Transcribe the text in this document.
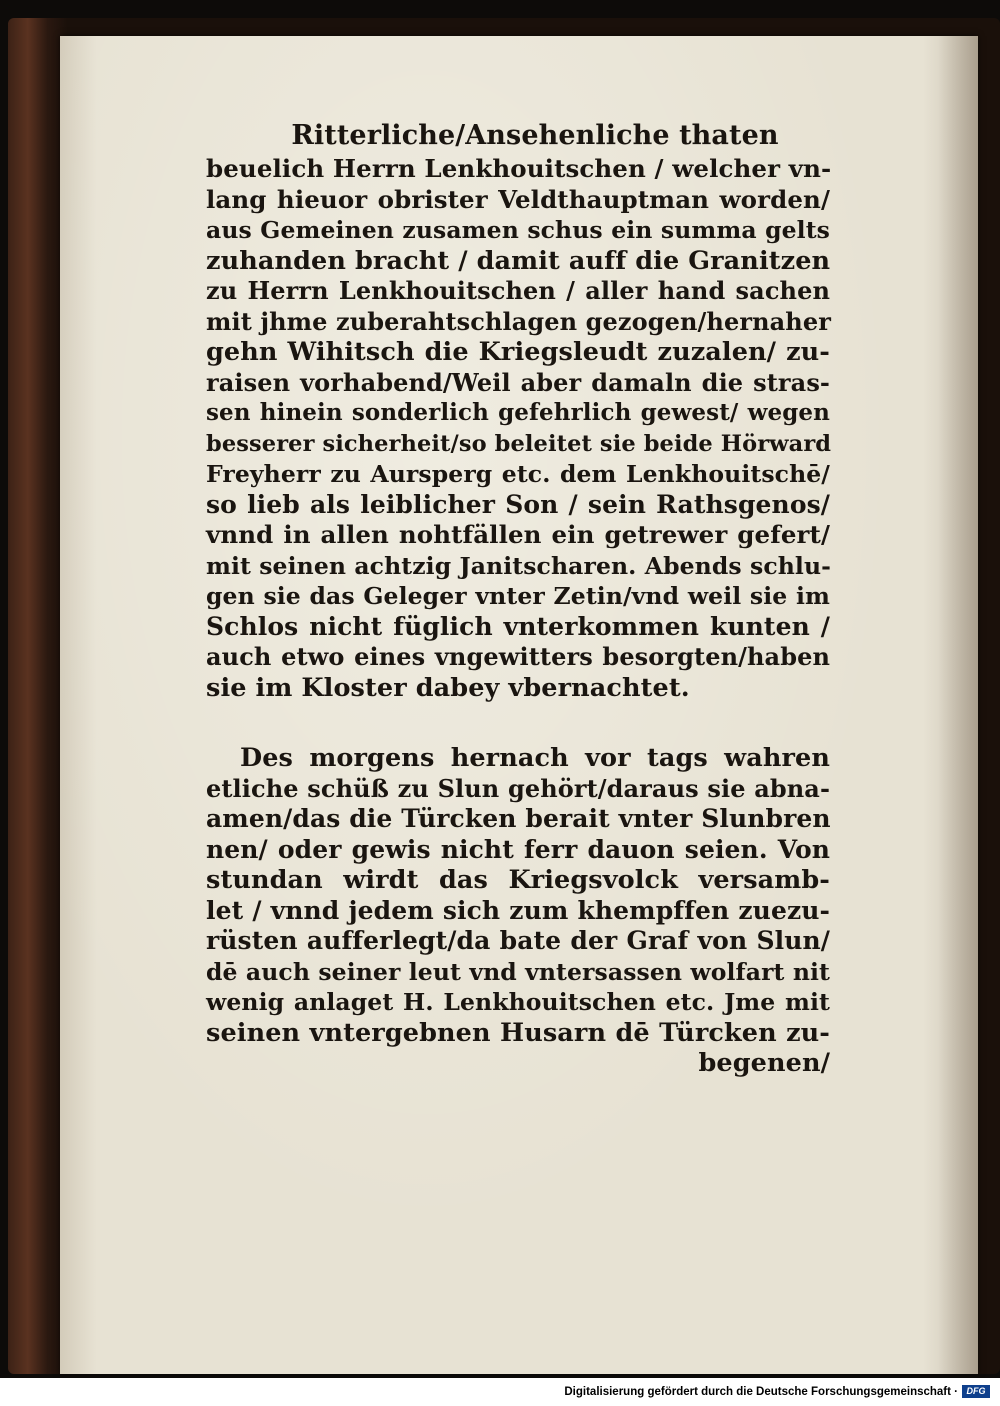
Ritterliche/Ansehenliche thaten
beuelich Herrn Lenkhouitschen / welcher vn-
lang hieuor obrister Veldthauptman worden/
aus Gemeinen zusamen schus ein summa gelts
zuhanden bracht / damit auff die Granitzen
zu Herrn Lenkhouitschen / aller hand sachen
mit jhme zuberahtschlagen gezogen/hernaher
gehn Wihitsch die Kriegsleudt zuzalen/ zu-
raisen vorhabend/Weil aber damaln die stras-
sen hinein sonderlich gefehrlich gewest/ wegen
besserer sicherheit/so beleitet sie beide Hörward
Freyherr zu Aursperg etc. dem Lenkhouitschē/
so lieb als leiblicher Son / sein Rathsgenos/
vnnd in allen nohtfällen ein getrewer gefert/
mit seinen achtzig Janitscharen. Abends schlu-
gen sie das Geleger vnter Zetin/vnd weil sie im
Schlos nicht füglich vnterkommen kunten /
auch etwo eines vngewitters besorgten/haben
sie im Kloster dabey vbernachtet.
Des morgens hernach vor tags wahren
etliche schüß zu Slun gehört/daraus sie abna-
amen/das die Türcken berait vnter Slunbren
nen/ oder gewis nicht ferr dauon seien. Von
stundan wirdt das Kriegsvolck versamb-
let / vnnd jedem sich zum khempffen zuezu-
rüsten aufferlegt/da bate der Graf von Slun/
dē auch seiner leut vnd vntersassen wolfart nit
wenig anlaget H. Lenkhouitschen etc. Jme mit
seinen vntergebnen Husarn dē Türcken zu-
begenen/
Digitalisierung gefördert durch die Deutsche Forschungsgemeinschaft · DFG
